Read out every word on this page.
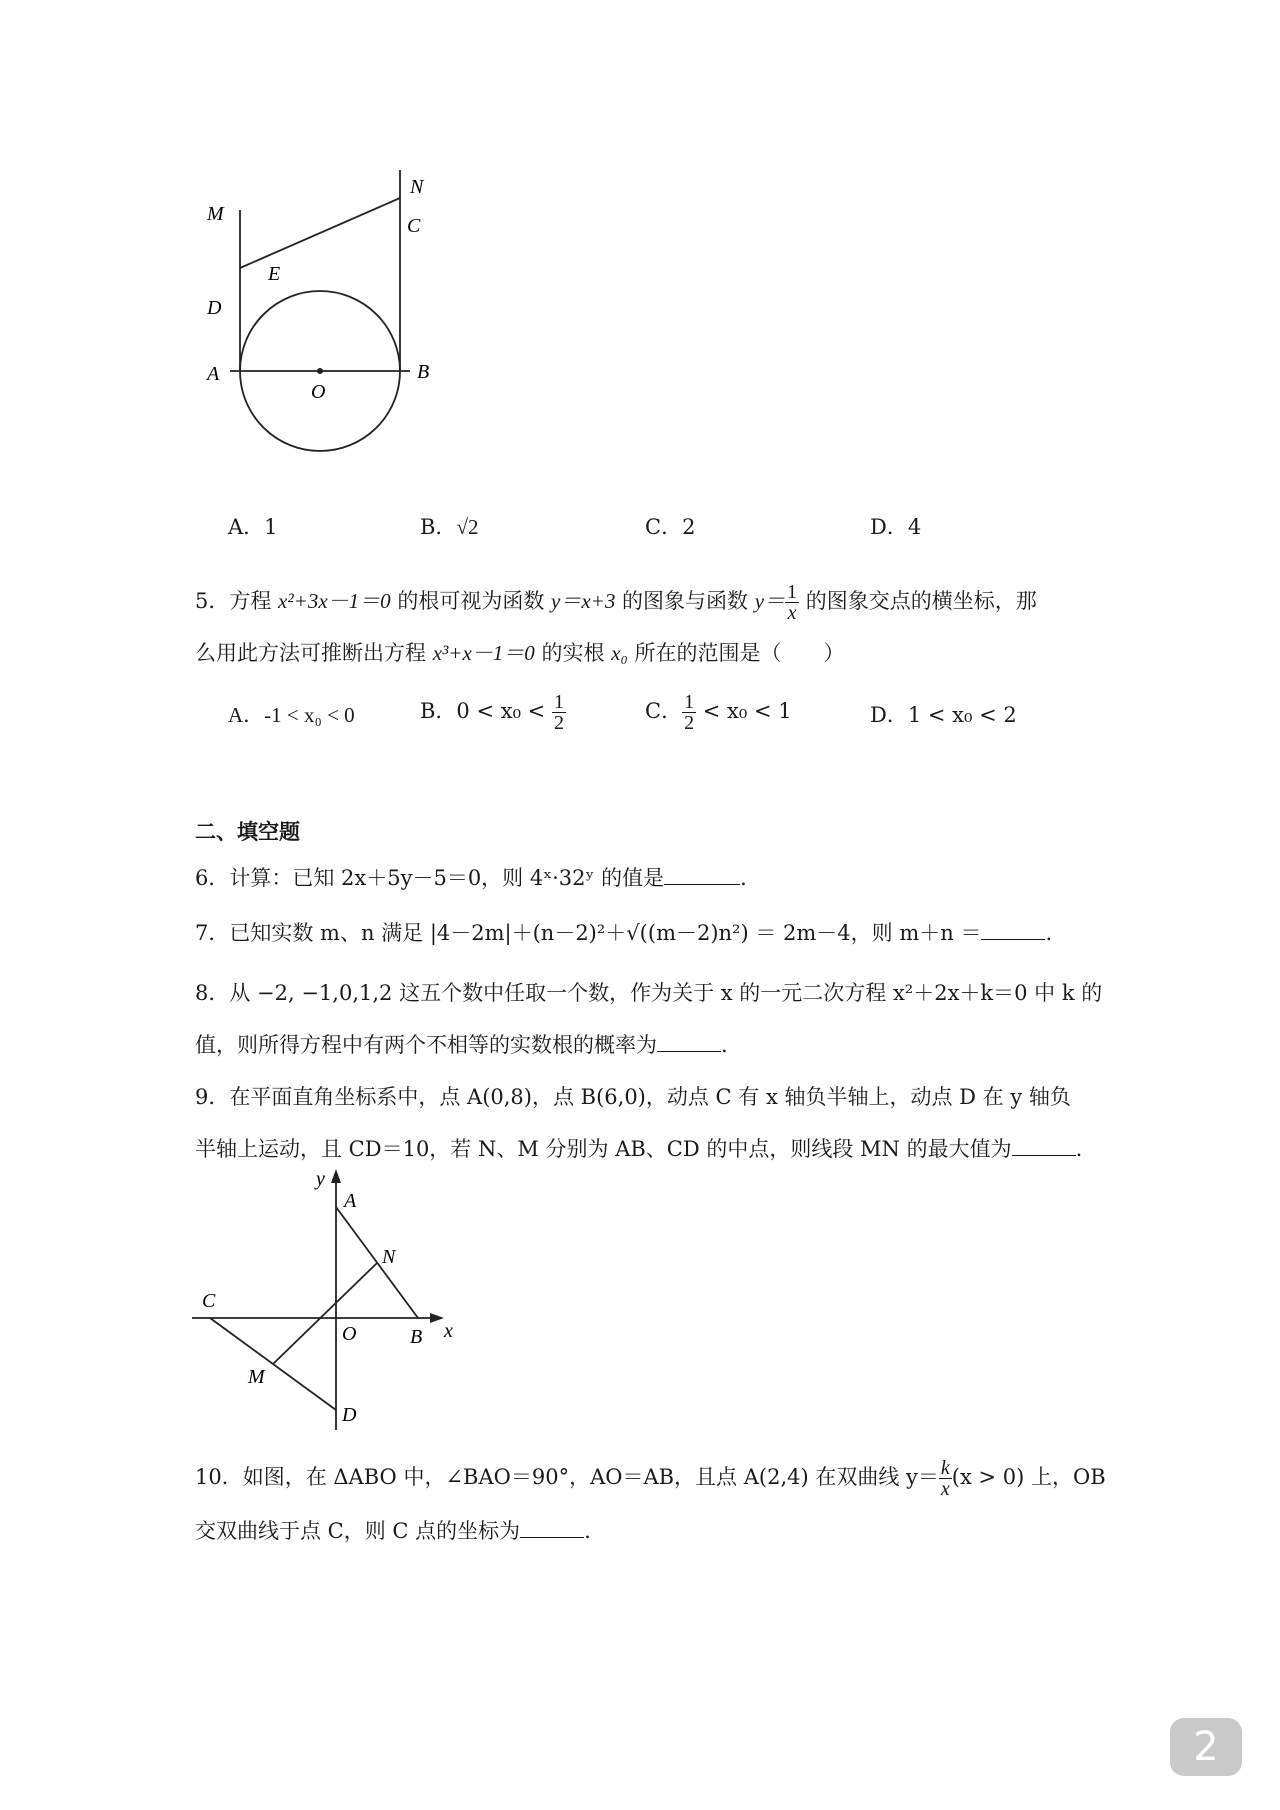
M
N
C
E
D
A
O
B
A．1	B．√2	C．2	D．4
5．方程 x²+3x－1＝0 的根可视为函数 y＝x+3 的图象与函数 $y= \frac{1}{x}$ 的图象交点的横坐标，那
么用此方法可推断出方程 x³+x－1＝0 的实根 x₀ 所在的范围是（　　）
A．-1 < x₀ < 0	B．$0 < x_0 < \frac{1}{2}$	C． $\frac{1}{2} < x_0 < 1$	D．1 < x₀ < 2
二、填空题
6．计算：已知 2x＋5y－5＝0，则 4ˣ·32ʸ 的值是	.
7．已知实数 m、n 满足 |4－2m|＋(n－2)²＋√((m－2)n²) ＝ 2m－4，则 m＋n ＝	.
8．从 −2, −1,0,1,2 这五个数中任取一个数，作为关于 x 的一元二次方程 x²＋2x＋k＝0 中 k 的
值，则所得方程中有两个不相等的实数根的概率为	.
9．在平面直角坐标系中，点 A(0,8)，点 B(6,0)，动点 C 有 x 轴负半轴上，动点 D 在 y 轴负
半轴上运动，且 CD＝10，若 N、M 分别为 AB、CD 的中点，则线段 MN 的最大值为	.
y
A
N
C
O	B x
M
D
10．如图，在 ΔABO 中，∠BAO＝90°，AO＝AB，且点 A(2,4) 在双曲线 $y= \frac{k}{x} (x > 0)$ 上，OB
交双曲线于点 C，则 C 点的坐标为	.
2
